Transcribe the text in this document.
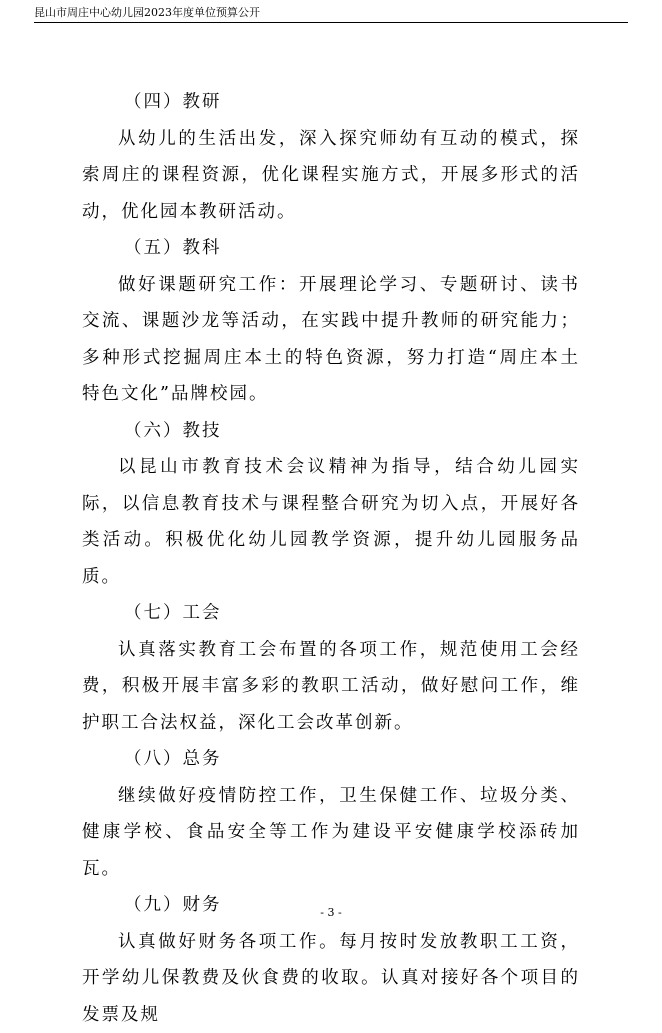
昆山市周庄中心幼儿园2023年度单位预算公开
（四）教研

从幼儿的生活出发，深入探究师幼有互动的模式，探索周庄的课程资源，优化课程实施方式，开展多形式的活动，优化园本教研活动。

（五）教科

做好课题研究工作：开展理论学习、专题研讨、读书交流、课题沙龙等活动，在实践中提升教师的研究能力；多种形式挖掘周庄本土的特色资源，努力打造“周庄本土特色文化”品牌校园。

（六）教技

以昆山市教育技术会议精神为指导，结合幼儿园实际，以信息教育技术与课程整合研究为切入点，开展好各类活动。积极优化幼儿园教学资源，提升幼儿园服务品质。

（七）工会

认真落实教育工会布置的各项工作，规范使用工会经费，积极开展丰富多彩的教职工活动，做好慰问工作，维护职工合法权益，深化工会改革创新。

（八）总务

继续做好疫情防控工作，卫生保健工作、垃圾分类、健康学校、食品安全等工作为建设平安健康学校添砖加瓦。

（九）财务

认真做好财务各项工作。每月按时发放教职工工资，开学幼儿保教费及伙食费的收取。认真对接好各个项目的发票及规

- 3 -
